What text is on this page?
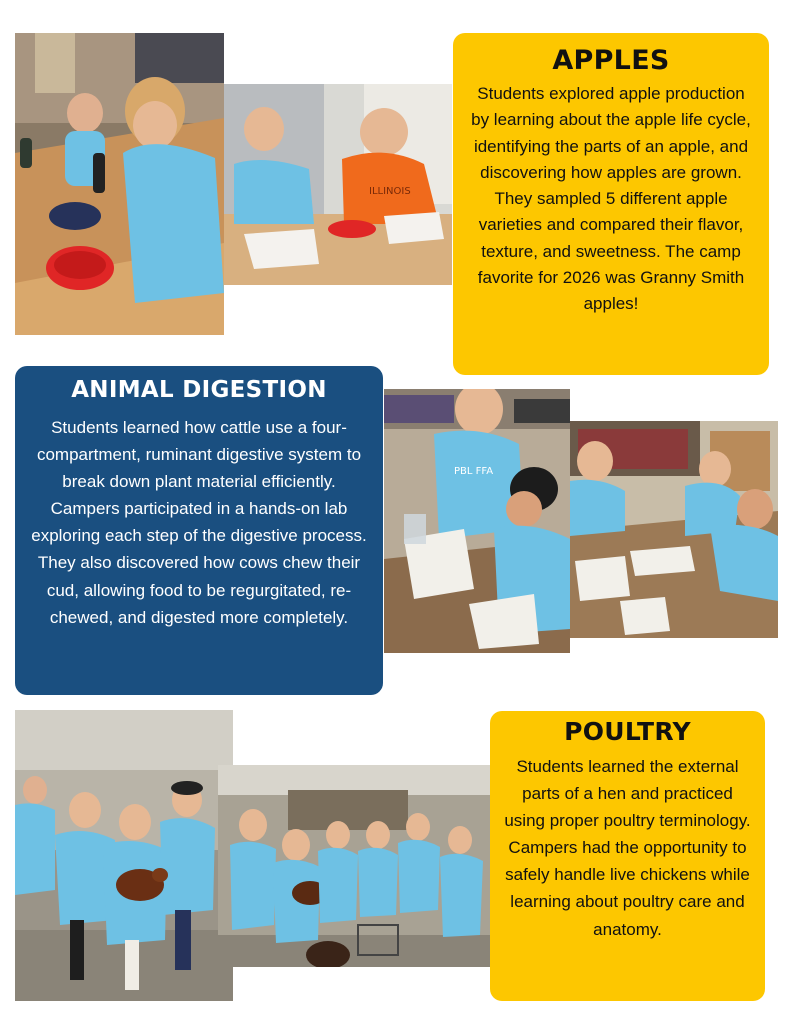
ILLINOIS
APPLES

Students explored apple production by learning about the apple life cycle, identifying the parts of an apple, and discovering how apples are grown. They sampled 5 different apple varieties and compared their flavor, texture, and sweetness. The camp favorite for 2026 was Granny Smith apples!

ANIMAL DIGESTION

Students learned how cattle use a four-compartment, ruminant digestive system to break down plant material efficiently. Campers participated in a hands-on lab exploring each step of the digestive process. They also discovered how cows chew their cud, allowing food to be regurgitated, re-chewed, and digested more completely.

PBL FFA
POULTRY

Students learned the external parts of a hen and practiced using proper poultry terminology. Campers had the opportunity to safely handle live chickens while learning about poultry care and anatomy.
